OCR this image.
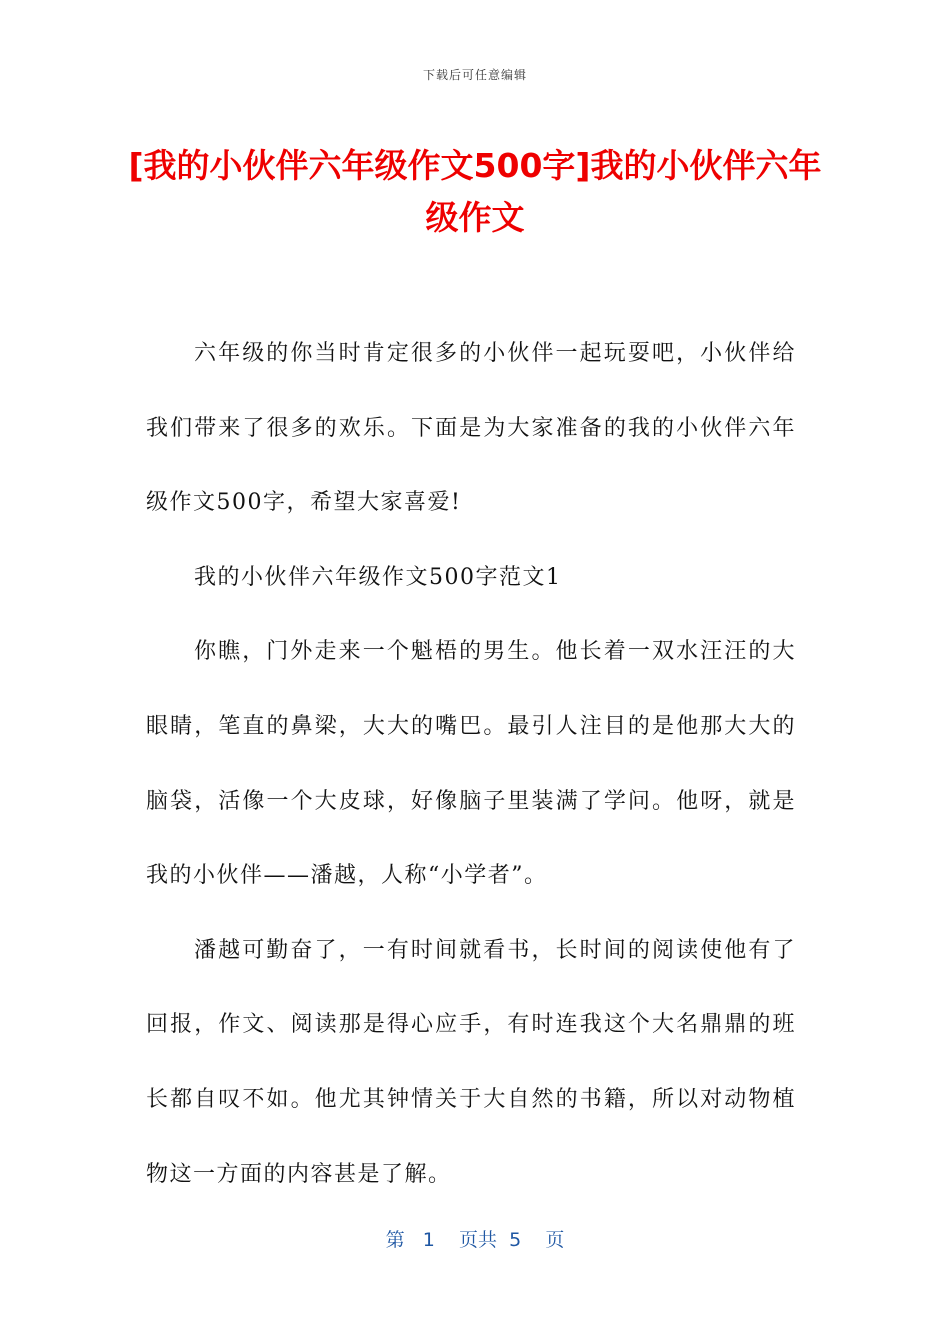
下载后可任意编辑
[我的小伙伴六年级作文500字]我的小伙伴六年级作文

六年级的你当时肯定很多的小伙伴一起玩耍吧，小伙伴给我们带来了很多的欢乐。下面是为大家准备的我的小伙伴六年级作文500字，希望大家喜爱!

我的小伙伴六年级作文500字范文1

你瞧，门外走来一个魁梧的男生。他长着一双水汪汪的大眼睛，笔直的鼻梁，大大的嘴巴。最引人注目的是他那大大的脑袋，活像一个大皮球，好像脑子里装满了学问。他呀，就是我的小伙伴——潘越，人称“小学者”。

潘越可勤奋了，一有时间就看书，长时间的阅读使他有了回报，作文、阅读那是得心应手，有时连我这个大名鼎鼎的班长都自叹不如。他尤其钟情关于大自然的书籍，所以对动物植物这一方面的内容甚是了解。

第 1 页共 5 页
